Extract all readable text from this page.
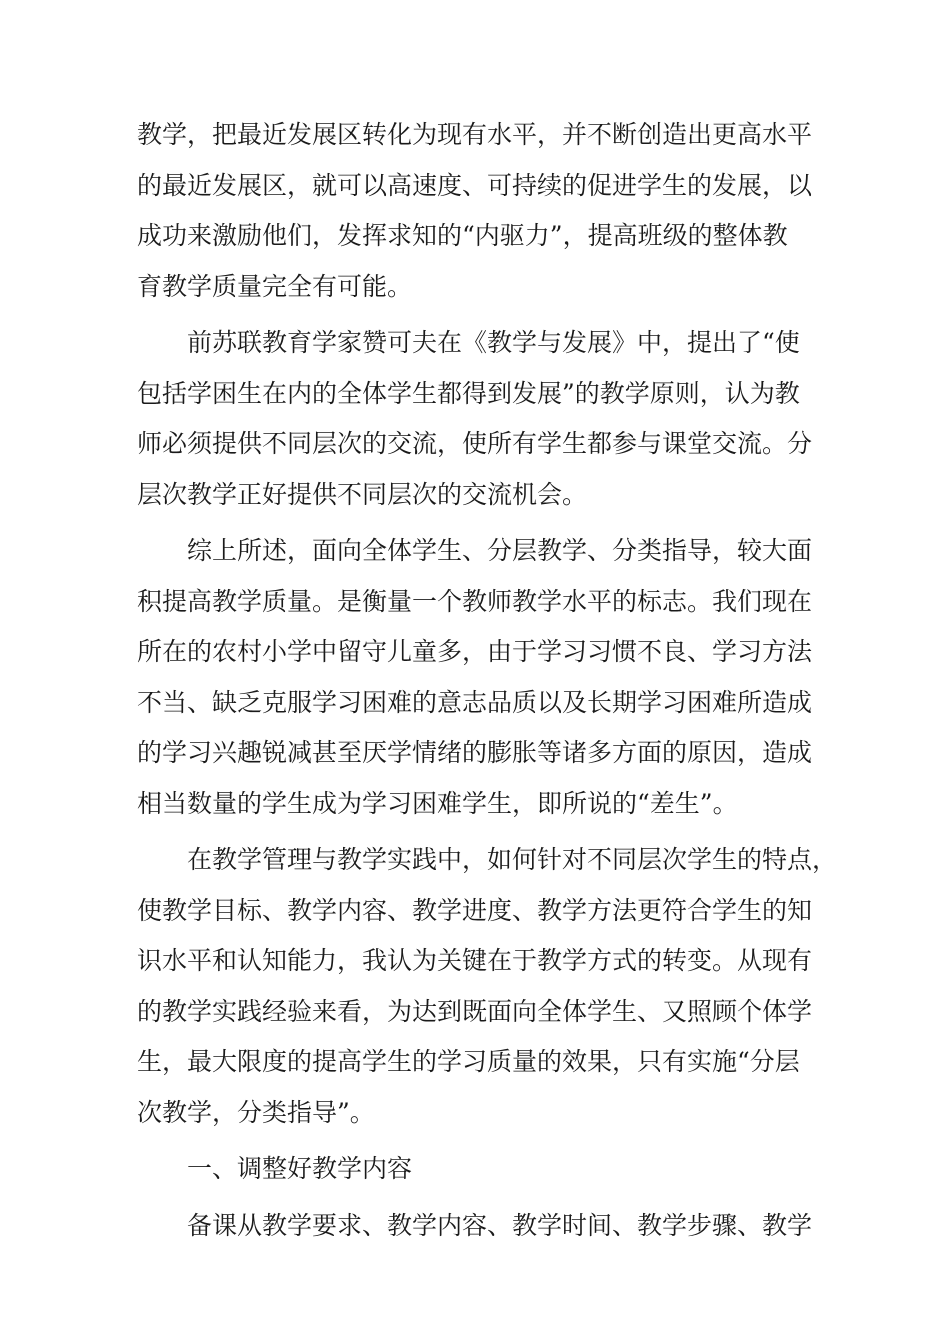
教学，把最近发展区转化为现有水平，并不断创造出更高水平
的最近发展区，就可以高速度、可持续的促进学生的发展，以
成功来激励他们，发挥求知的“内驱力”，提高班级的整体教
育教学质量完全有可能。
前苏联教育学家赞可夫在《教学与发展》中，提出了“使
包括学困生在内的全体学生都得到发展”的教学原则，认为教
师必须提供不同层次的交流，使所有学生都参与课堂交流。分
层次教学正好提供不同层次的交流机会。
综上所述，面向全体学生、分层教学、分类指导，较大面
积提高教学质量。是衡量一个教师教学水平的标志。我们现在
所在的农村小学中留守儿童多，由于学习习惯不良、学习方法
不当、缺乏克服学习困难的意志品质以及长期学习困难所造成
的学习兴趣锐减甚至厌学情绪的膨胀等诸多方面的原因，造成
相当数量的学生成为学习困难学生，即所说的“差生”。
在教学管理与教学实践中，如何针对不同层次学生的特点，
使教学目标、教学内容、教学进度、教学方法更符合学生的知
识水平和认知能力，我认为关键在于教学方式的转变。从现有
的教学实践经验来看，为达到既面向全体学生、又照顾个体学
生，最大限度的提高学生的学习质量的效果，只有实施“分层
次教学，分类指导”。
一、调整好教学内容
备课从教学要求、教学内容、教学时间、教学步骤、教学
